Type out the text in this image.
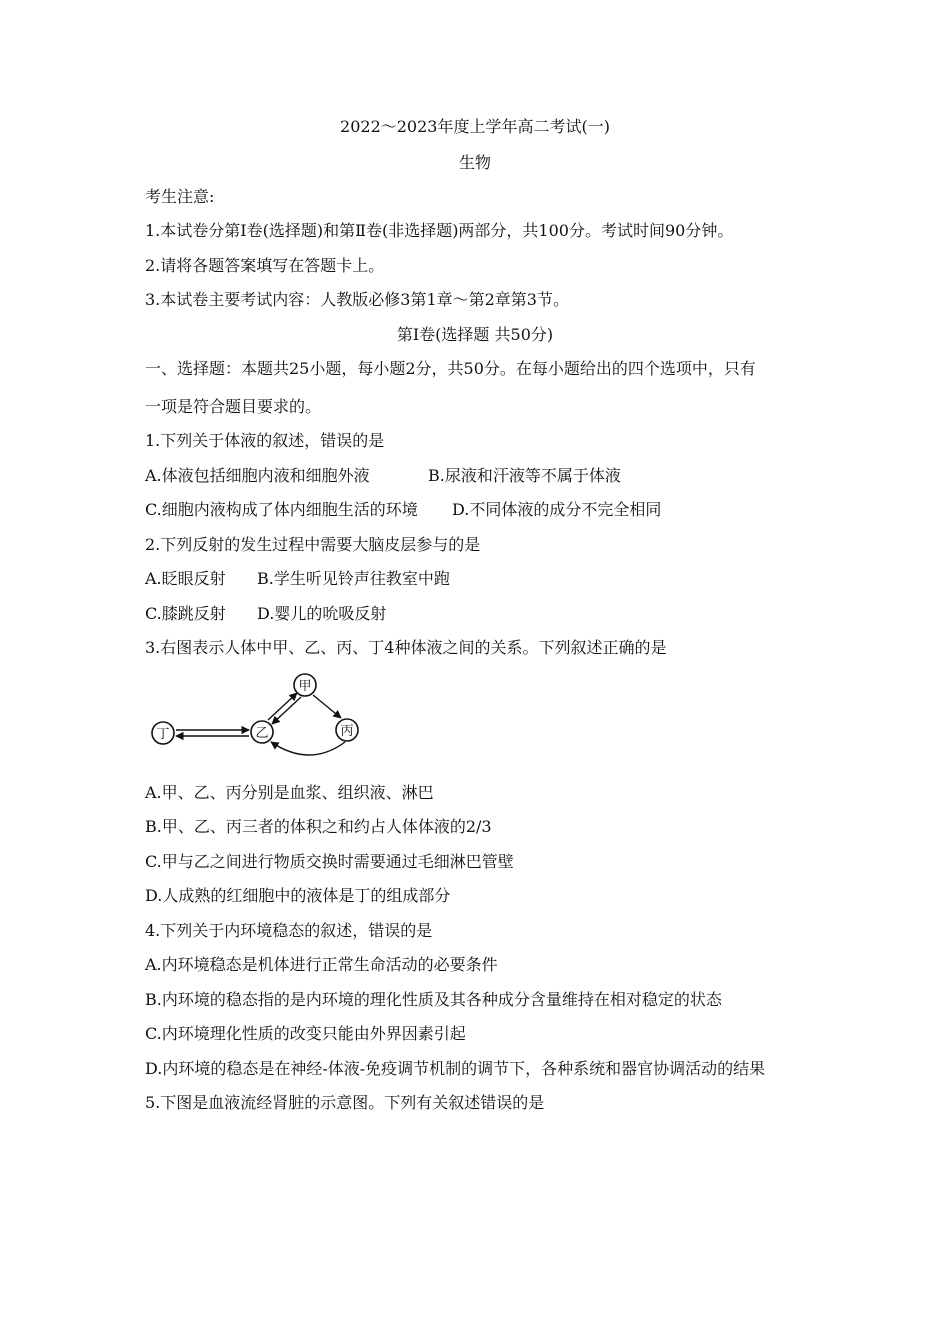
2022～2023年度上学年高二考试(一)
生物
考生注意:
1.本试卷分第Ⅰ卷(选择题)和第Ⅱ卷(非选择题)两部分，共100分。考试时间90分钟。
2.请将各题答案填写在答题卡上。
3.本试卷主要考试内容：人教版必修3第1章～第2章第3节。
第Ⅰ卷(选择题 共50分)
一、选择题：本题共25小题，每小题2分，共50分。在每小题给出的四个选项中，只有
一项是符合题目要求的。
1.下列关于体液的叙述，错误的是
A.体液包括细胞内液和细胞外液	B.尿液和汗液等不属于体液
C.细胞内液构成了体内细胞生活的环境 D.不同体液的成分不完全相同
2.下列反射的发生过程中需要大脑皮层参与的是
A.眨眼反射 B.学生听见铃声往教室中跑
C.膝跳反射 D.婴儿的吮吸反射
3.右图表示人体中甲、乙、丙、丁4种体液之间的关系。下列叙述正确的是
丁	乙
甲
丙
A.甲、乙、丙分别是血浆、组织液、淋巴
B.甲、乙、丙三者的体积之和约占人体体液的2/3
C.甲与乙之间进行物质交换时需要通过毛细淋巴管壁
D.人成熟的红细胞中的液体是丁的组成部分
4.下列关于内环境稳态的叙述，错误的是
A.内环境稳态是机体进行正常生命活动的必要条件
B.内环境的稳态指的是内环境的理化性质及其各种成分含量维持在相对稳定的状态
C.内环境理化性质的改变只能由外界因素引起
D.内环境的稳态是在神经-体液-免疫调节机制的调节下，各种系统和器官协调活动的结果
5.下图是血液流经肾脏的示意图。下列有关叙述错误的是
